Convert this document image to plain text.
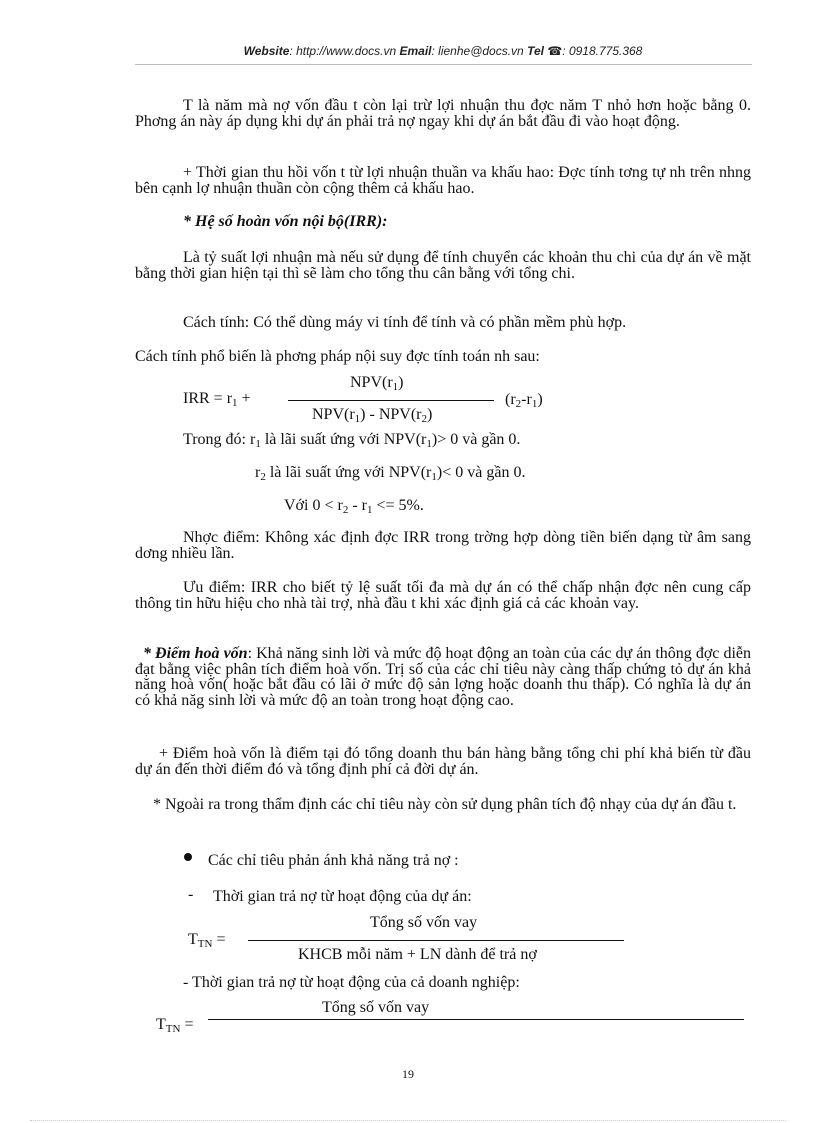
Website: http://www.docs.vn Email: lienhe@docs.vn Tel ☎: 0918.775.368
T là năm mà nợ vốn đầu t còn lại trừ lợi nhuận thu đợc năm T nhỏ hơn hoặc bằng 0. Phơng án này áp dụng khi dự án phải trả nợ ngay khi dự án bắt đầu đi vào hoạt động.
+ Thời gian thu hồi vốn t từ lợi nhuận thuần va khấu hao: Đợc tính tơng tự nh trên nhng bên cạnh lợ nhuận thuần còn cộng thêm cả khấu hao.
* Hệ số hoàn vốn nội bộ(IRR):
Là tỷ suất lợi nhuận mà nếu sử dụng để tính chuyển các khoản thu chi của dự án về mặt bằng thời gian hiện tại thì sẽ làm cho tổng thu cân bằng với tổng chi.
Cách tính: Có thể dùng máy vi tính để tính và có phần mềm phù hợp.
Cách tính phổ biến là phơng pháp nội suy đợc tính toán nh sau:
$NPV(r_1)$
IRR = $r_1$ +	$(r_2-r_1)$
$NPV(r_1) - NPV(r_2)$
Trong đó: $r_1$ là lãi suất ứng với $NPV(r_1)> 0$ và gần 0.
$r_2$ là lãi suất ứng với $NPV(r_1)< 0$ và gần 0.
Với $0 < r_2 - r_1 <= 5\%$.
Nhợc điểm: Không xác định đợc IRR trong trờng hợp dòng tiền biến dạng từ âm sang dơng nhiều lần.
Ưu điểm: IRR cho biết tỷ lệ suất tối đa mà dự án có thể chấp nhận đợc nên cung cấp thông tin hữu hiệu cho nhà tài trợ, nhà đầu t khi xác định giá cả các khoản vay.
* Điểm hoà vốn: Khả năng sinh lời và mức độ hoạt động an toàn của các dự án thông đợc diễn đạt bằng việc phân tích điểm hoà vốn. Trị số của các chỉ tiêu này càng thấp chứng tỏ dự án khả năng hoà vốn( hoặc bắt đầu có lãi ở mức độ sản lợng hoặc doanh thu thấp). Có nghĩa là dự án có khả năg sinh lời và mức độ an toàn trong hoạt động cao.
+ Điểm hoà vốn là điểm tại đó tổng doanh thu bán hàng bằng tổng chi phí khả biến từ đầu dự án đến thời điểm đó và tổng định phí cả đời dự án.
* Ngoài ra trong thẩm định các chỉ tiêu này còn sử dụng phân tích độ nhạy của dự án đầu t.
Các chỉ tiêu phản ánh khả năng trả nợ :
- Thời gian trả nợ từ hoạt động của dự án:
Tổng số vốn vay
$T_{TN}$ =
KHCB mỗi năm + LN dành để trả nợ
- Thời gian trả nợ từ hoạt động của cả doanh nghiệp:
Tổng số vốn vay
$T_{TN}$ =
19
